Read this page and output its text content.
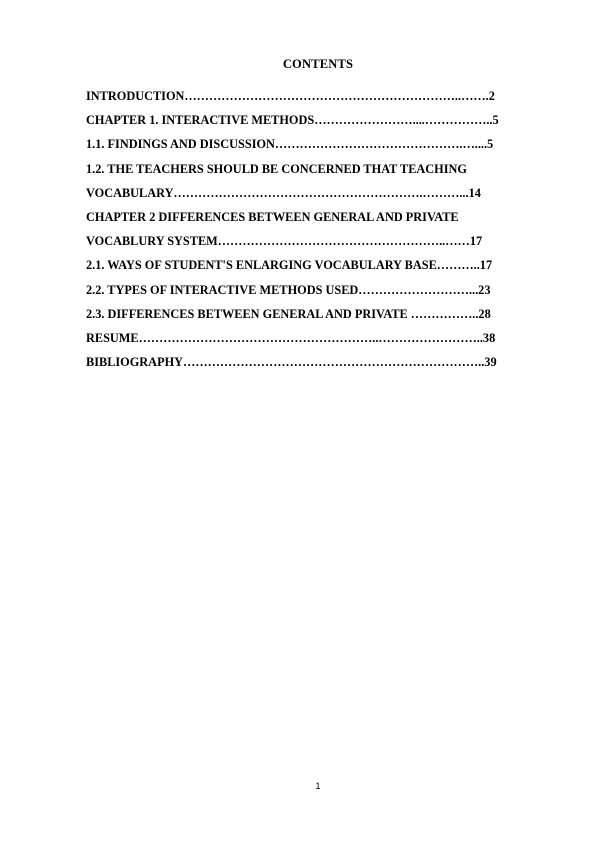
CONTENTS
INTRODUCTION…………………………………………………………..…….2
CHAPTER 1. INTERACTIVE METHODS……………………....……………..5
1.1. FINDINGS AND DISCUSSION……………………………………….…....5
1.2. THE TEACHERS SHOULD BE CONCERNED THAT TEACHING
VOCABULARY…………………………………………………….………...14
CHAPTER 2 DIFFERENCES BETWEEN GENERAL AND PRIVATE
VOCABLURY SYSTEM………………………………………………..……17
2.1. WAYS OF STUDENT'S ENLARGING VOCABULARY BASE………..17
2.2. TYPES OF INTERACTIVE METHODS USED………………………...23
2.3. DIFFERENCES BETWEEN GENERAL AND PRIVATE ……………..28
RESUME…………………………………………………..……………………..38
BIBLIOGRAPHY………………………………………………………………..39
1
